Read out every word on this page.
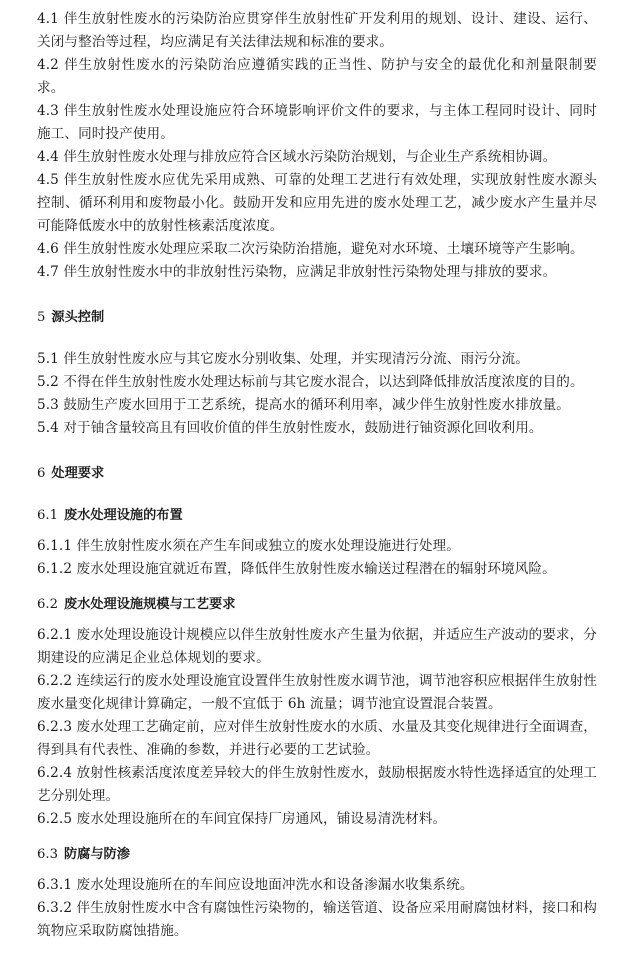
4.1 伴生放射性废水的污染防治应贯穿伴生放射性矿开发利用的规划、设计、建设、运行、关闭与整治等过程，均应满足有关法律法规和标准的要求。

4.2 伴生放射性废水的污染防治应遵循实践的正当性、防护与安全的最优化和剂量限制要求。

4.3 伴生放射性废水处理设施应符合环境影响评价文件的要求，与主体工程同时设计、同时施工、同时投产使用。

4.4 伴生放射性废水处理与排放应符合区域水污染防治规划，与企业生产系统相协调。

4.5 伴生放射性废水应优先采用成熟、可靠的处理工艺进行有效处理，实现放射性废水源头控制、循环利用和废物最小化。鼓励开发和应用先进的废水处理工艺，减少废水产生量并尽可能降低废水中的放射性核素活度浓度。

4.6 伴生放射性废水处理应采取二次污染防治措施，避免对水环境、土壤环境等产生影响。

4.7 伴生放射性废水中的非放射性污染物，应满足非放射性污染物处理与排放的要求。

5 源头控制

5.1 伴生放射性废水应与其它废水分别收集、处理，并实现清污分流、雨污分流。

5.2 不得在伴生放射性废水处理达标前与其它废水混合，以达到降低排放活度浓度的目的。

5.3 鼓励生产废水回用于工艺系统，提高水的循环利用率，减少伴生放射性废水排放量。

5.4 对于铀含量较高且有回收价值的伴生放射性废水，鼓励进行铀资源化回收利用。

6 处理要求

6.1 废水处理设施的布置

6.1.1 伴生放射性废水须在产生车间或独立的废水处理设施进行处理。

6.1.2 废水处理设施宜就近布置，降低伴生放射性废水输送过程潜在的辐射环境风险。

6.2 废水处理设施规模与工艺要求

6.2.1 废水处理设施设计规模应以伴生放射性废水产生量为依据，并适应生产波动的要求，分期建设的应满足企业总体规划的要求。

6.2.2 连续运行的废水处理设施宜设置伴生放射性废水调节池，调节池容积应根据伴生放射性废水量变化规律计算确定，一般不宜低于 6h 流量；调节池宜设置混合装置。

6.2.3 废水处理工艺确定前，应对伴生放射性废水的水质、水量及其变化规律进行全面调查，得到具有代表性、准确的参数，并进行必要的工艺试验。

6.2.4 放射性核素活度浓度差异较大的伴生放射性废水，鼓励根据废水特性选择适宜的处理工艺分别处理。

6.2.5 废水处理设施所在的车间宜保持厂房通风，铺设易清洗材料。

6.3 防腐与防渗

6.3.1 废水处理设施所在的车间应设地面冲洗水和设备渗漏水收集系统。

6.3.2 伴生放射性废水中含有腐蚀性污染物的，输送管道、设备应采用耐腐蚀材料，接口和构筑物应采取防腐蚀措施。
